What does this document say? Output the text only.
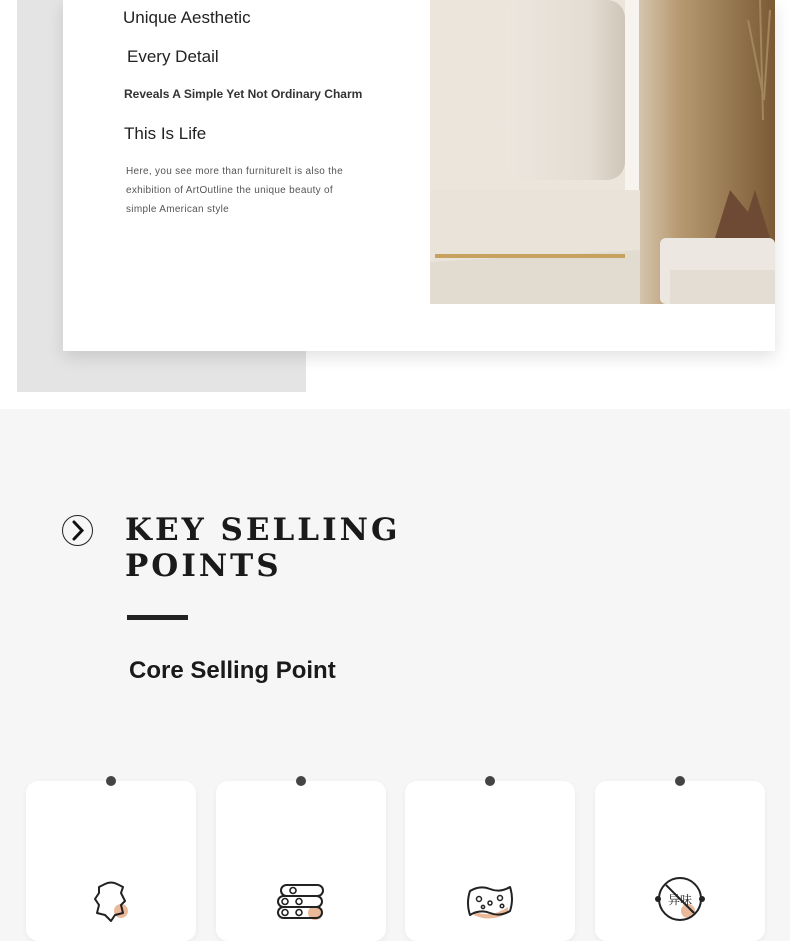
Unique Aesthetic
Every Detail
Reveals A Simple Yet Not Ordinary Charm
This Is Life
Here, you see more than furnitureIt is also the exhibition of ArtOutline the unique beauty of simple American style
KEY SELLING
POINTS
Core Selling Point
异味
